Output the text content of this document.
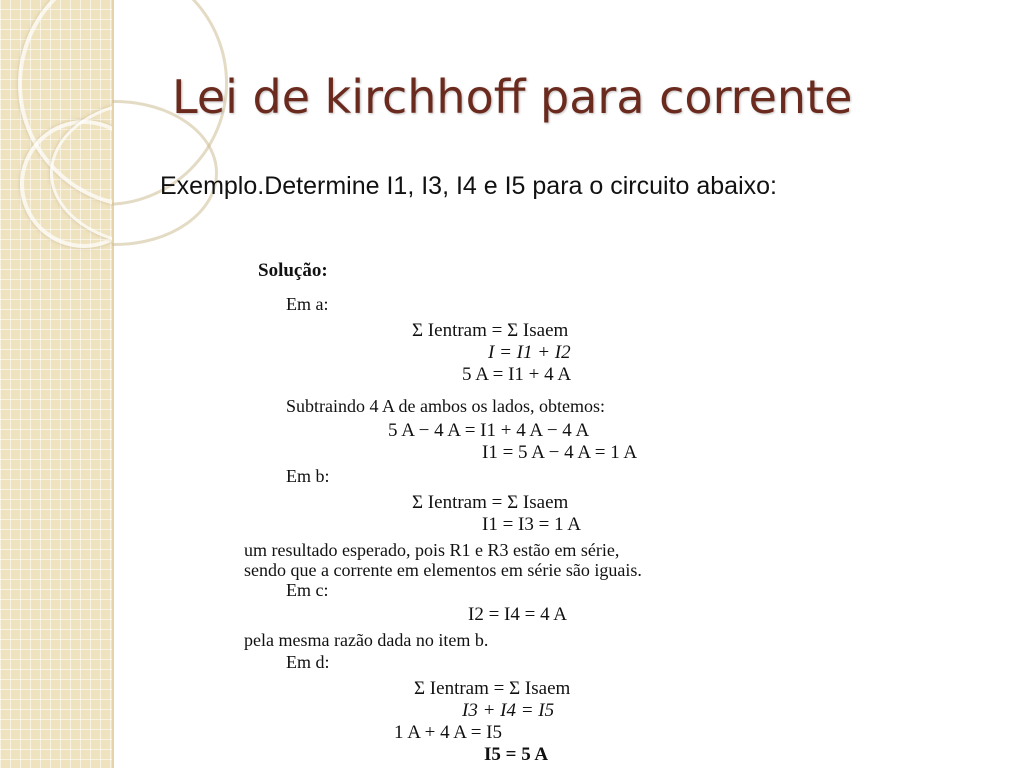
Lei de kirchhoff para corrente
Exemplo.Determine I1, I3, I4 e I5 para o circuito abaixo:
Solução:
Em a:
Σ Ientram = Σ Isaem
I = I1 + I2
5 A = I1 + 4 A
Subtraindo 4 A de ambos os lados, obtemos:
5 A − 4 A = I1 + 4 A − 4 A
I1 = 5 A − 4 A = 1 A
Em b:
Σ Ientram = Σ Isaem
I1 = I3 = 1 A
um resultado esperado, pois R1 e R3 estão em série,
sendo que a corrente em elementos em série são iguais.
Em c:
I2 = I4 = 4 A
pela mesma razão dada no item b.
Em d:
Σ Ientram = Σ Isaem
I3 + I4 = I5
1 A + 4 A = I5
I5 = 5 A
